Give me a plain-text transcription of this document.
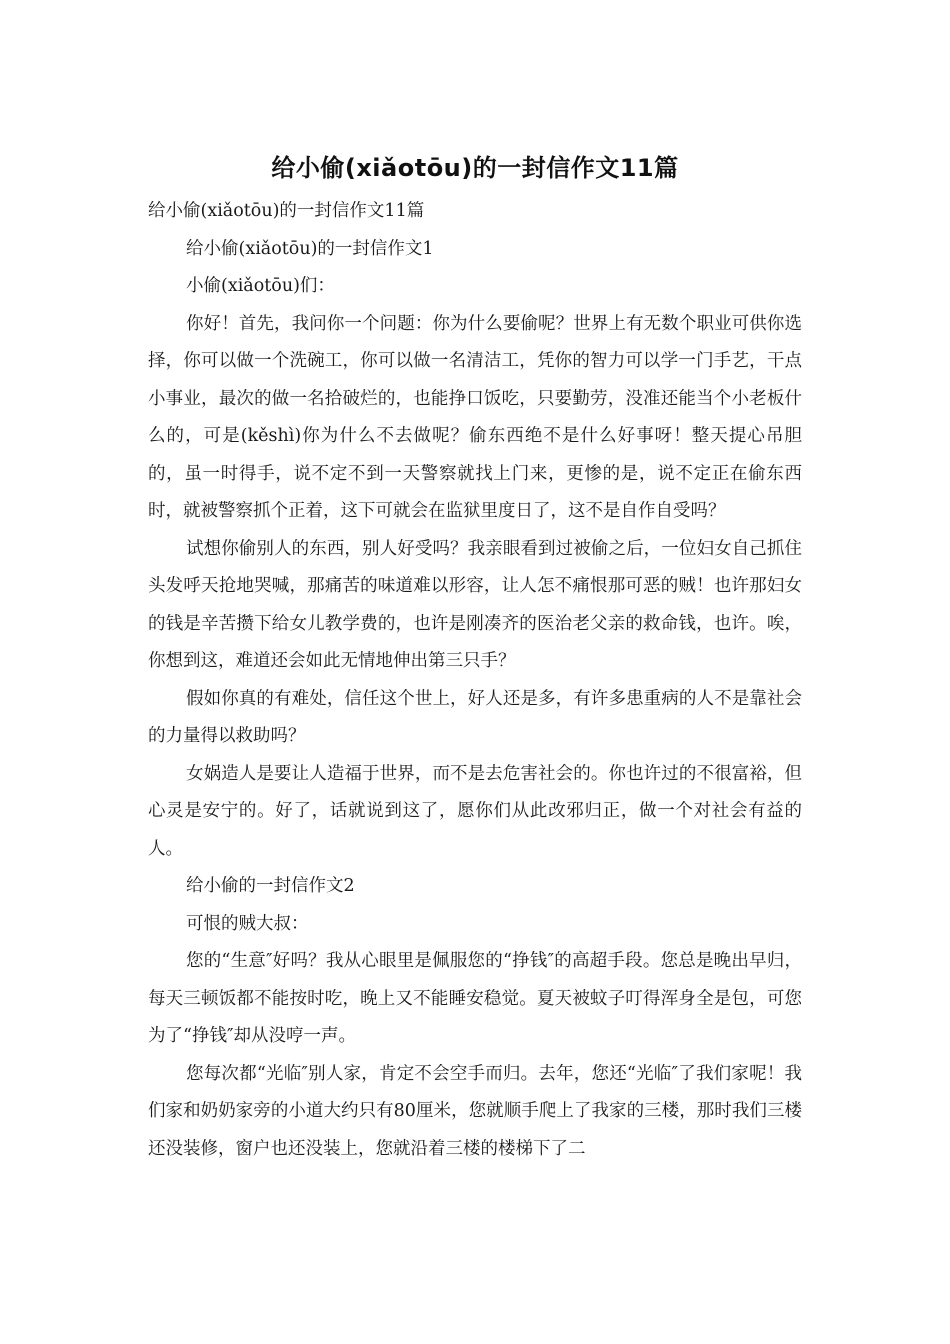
给小偷(xiǎotōu)的一封信作文11篇

给小偷(xiǎotōu)的一封信作文11篇

给小偷(xiǎotōu)的一封信作文1

小偷(xiǎotōu)们：

你好！首先，我问你一个问题：你为什么要偷呢？世界上有无数个职业可供你选择，你可以做一个洗碗工，你可以做一名清洁工，凭你的智力可以学一门手艺，干点小事业，最次的做一名拾破烂的，也能挣口饭吃，只要勤劳，没准还能当个小老板什么的，可是(kěshì)你为什么不去做呢？偷东西绝不是什么好事呀！整天提心吊胆的，虽一时得手，说不定不到一天警察就找上门来，更惨的是，说不定正在偷东西时，就被警察抓个正着，这下可就会在监狱里度日了，这不是自作自受吗？

试想你偷别人的东西，别人好受吗？我亲眼看到过被偷之后，一位妇女自己抓住头发呼天抢地哭喊，那痛苦的味道难以形容，让人怎不痛恨那可恶的贼！也许那妇女的钱是辛苦攒下给女儿教学费的，也许是刚凑齐的医治老父亲的救命钱，也许。唉，你想到这，难道还会如此无情地伸出第三只手？

假如你真的有难处，信任这个世上，好人还是多，有许多患重病的人不是靠社会的力量得以救助吗？

女娲造人是要让人造福于世界，而不是去危害社会的。你也许过的不很富裕，但心灵是安宁的。好了，话就说到这了，愿你们从此改邪归正，做一个对社会有益的人。

给小偷的一封信作文2

可恨的贼大叔：

您的“生意″好吗？我从心眼里是佩服您的“挣钱″的高超手段。您总是晚出早归，每天三顿饭都不能按时吃，晚上又不能睡安稳觉。夏天被蚊子叮得浑身全是包，可您为了“挣钱″却从没哼一声。

您每次都“光临″别人家，肯定不会空手而归。去年，您还“光临″了我们家呢！我们家和奶奶家旁的小道大约只有80厘米，您就顺手爬上了我家的三楼，那时我们三楼还没装修，窗户也还没装上，您就沿着三楼的楼梯下了二
